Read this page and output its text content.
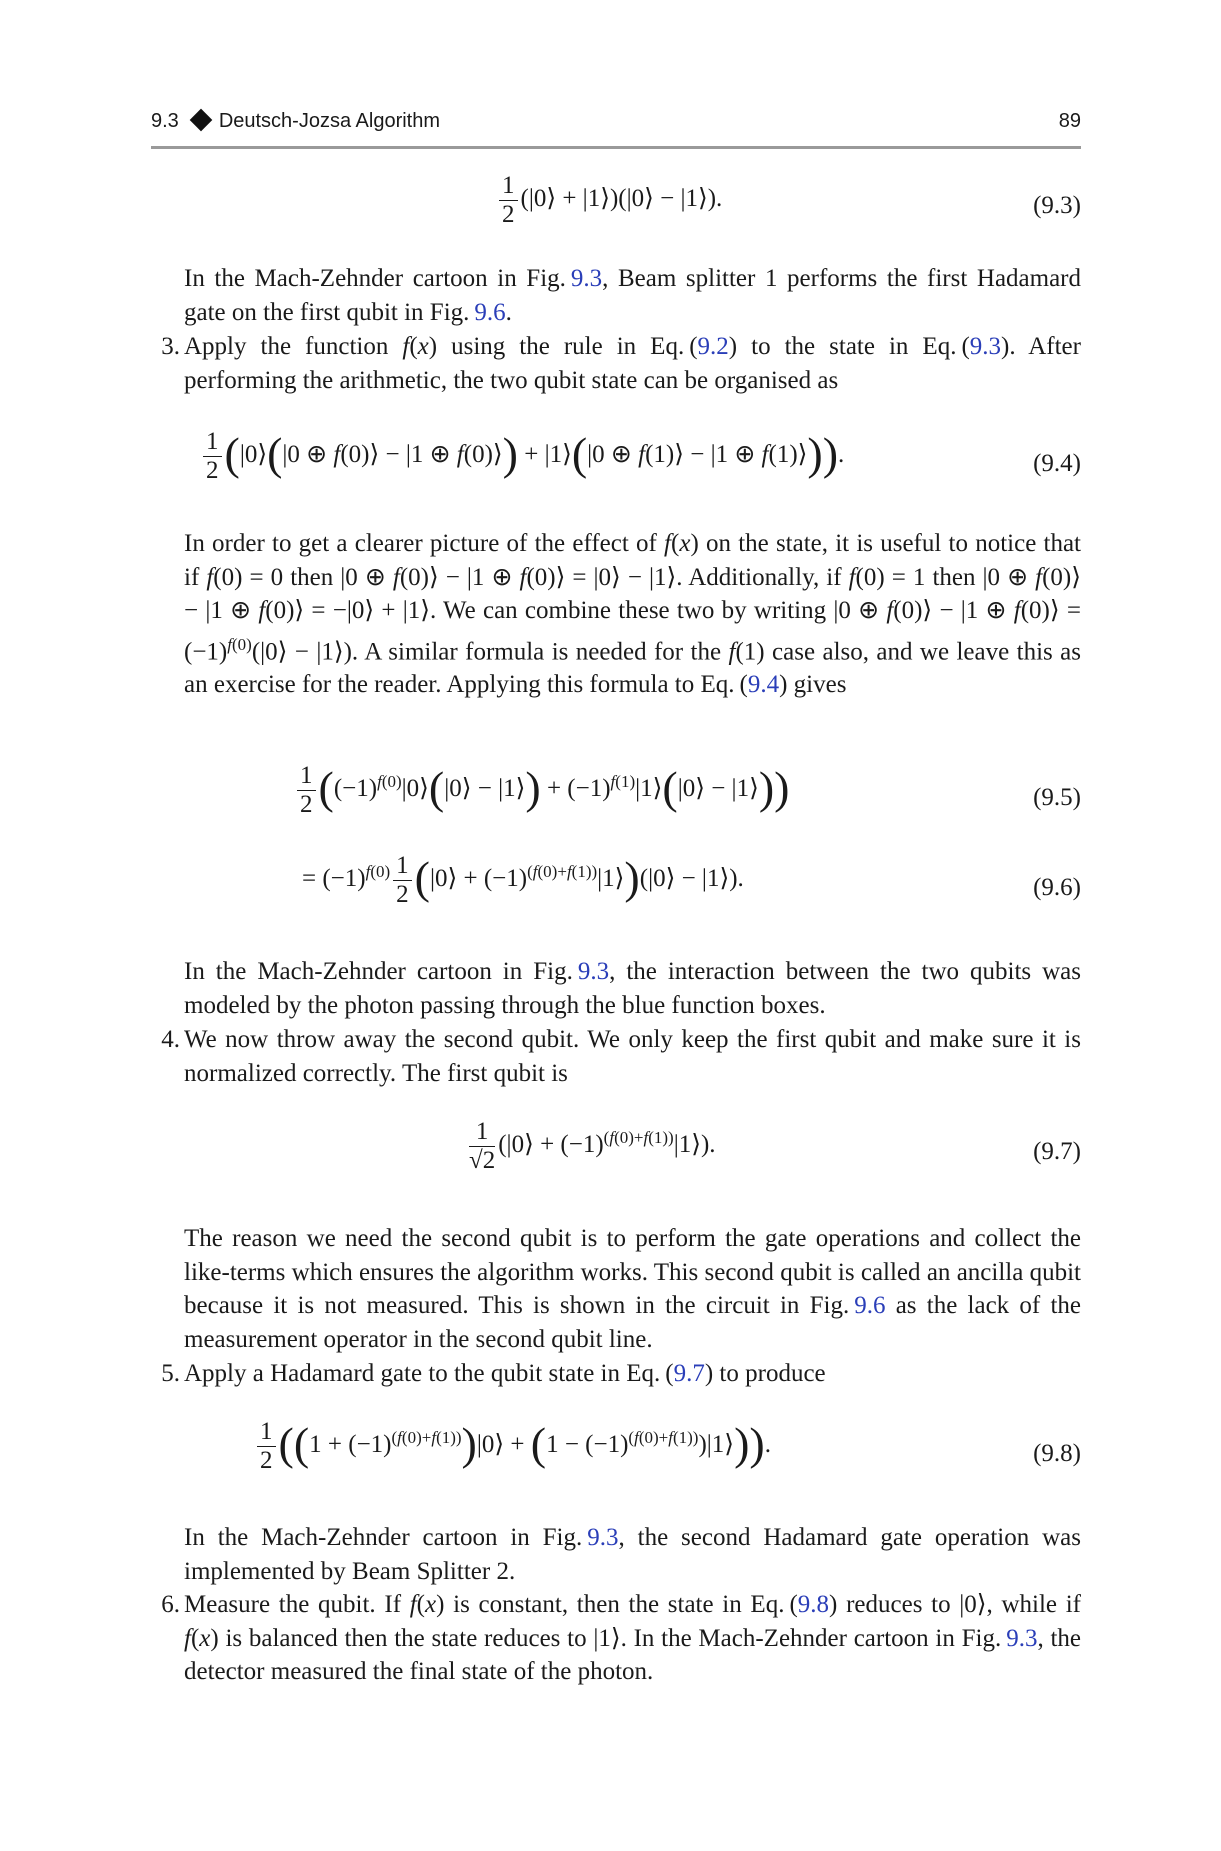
9.3 Deutsch-Jozsa Algorithm	89
$\frac{1}{2}$ (|0⟩ + |1⟩)(|0⟩ − |1⟩).	(9.3)

In the Mach-Zehnder cartoon in Fig. 9.3, Beam splitter 1 performs the first Hadamard gate on the first qubit in Fig. 9.6.

3. Apply the function f(x) using the rule in Eq. (9.2) to the state in Eq. (9.3). After performing the arithmetic, the two qubit state can be organised as
$\frac{1}{2}$ (|0⟩(|0 ⊕ f(0)⟩ − |1 ⊕ f(0)⟩) + |1⟩(|0 ⊕ f(1)⟩ − |1 ⊕ f(1)⟩)).	(9.4)

In order to get a clearer picture of the effect of f(x) on the state, it is useful to notice that if f(0) = 0 then |0 ⊕ f(0)⟩ − |1 ⊕ f(0)⟩ = |0⟩ − |1⟩. Additionally, if f(0) = 1 then |0 ⊕ f(0)⟩ − |1 ⊕ f(0)⟩ = −|0⟩ + |1⟩. We can combine these two by writing |0 ⊕ f(0)⟩ − |1 ⊕ f(0)⟩ = $(-1)^{f(0)}(|0⟩$ − |1⟩). A similar formula is needed for the f(1) case also, and we leave this as an exercise for the reader. Applying this formula to Eq. (9.4) gives

$\frac{1}{2}$ ($(-1)^{f(0)}|0⟩(|0⟩$ − |1⟩) + $(-1)^{f(1)}|1⟩(|0⟩$ − |1⟩))	(9.5)
= $(-1)^{f(0)} \frac{1}{2}$ (|0⟩ + $(-1)^{(f(0)+f(1))}|1⟩)(|0⟩$ − |1⟩).	(9.6)

In the Mach-Zehnder cartoon in Fig. 9.3, the interaction between the two qubits was modeled by the photon passing through the blue function boxes.

4. We now throw away the second qubit. We only keep the first qubit and make sure it is normalized correctly. The first qubit is
$\frac{1}{√2}$ (|0⟩ + $(-1)^{(f(0)+f(1))}|1⟩$).	(9.7)

The reason we need the second qubit is to perform the gate operations and collect the like-terms which ensures the algorithm works. This second qubit is called an ancilla qubit because it is not measured. This is shown in the circuit in Fig. 9.6 as the lack of the measurement operator in the second qubit line.

5. Apply a Hadamard gate to the qubit state in Eq. (9.7) to produce
$\frac{1}{2} ((1$ + $(-1)^{(f(0)+f(1))})|0⟩ + (1$ − $(-1)^{(f(0)+f(1))})|1⟩$)).	(9.8)

In the Mach-Zehnder cartoon in Fig. 9.3, the second Hadamard gate operation was implemented by Beam Splitter 2.

6. Measure the qubit. If f(x) is constant, then the state in Eq. (9.8) reduces to |0⟩, while if f(x) is balanced then the state reduces to |1⟩. In the Mach-Zehnder cartoon in Fig. 9.3, the detector measured the final state of the photon.
